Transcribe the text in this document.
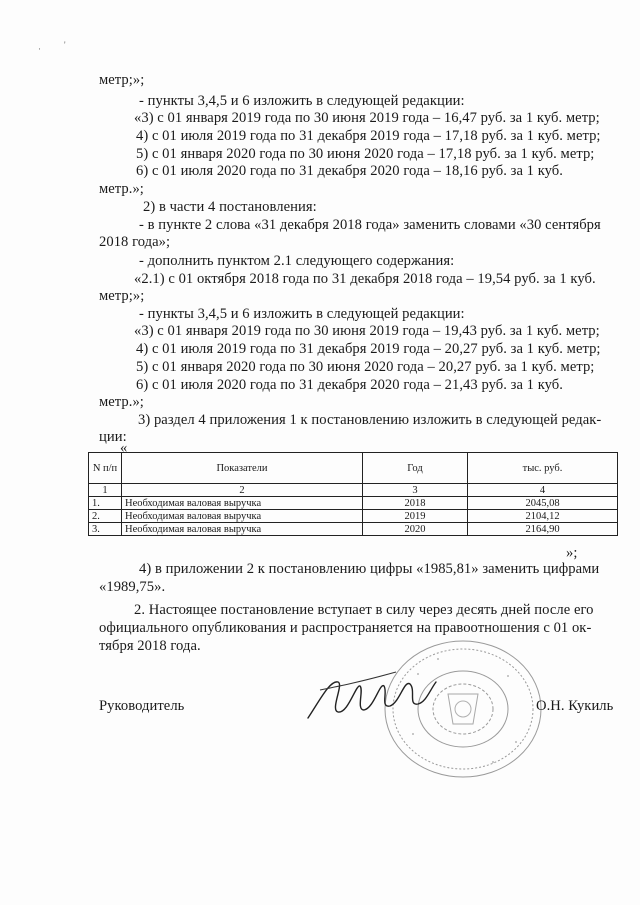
·	'
метр;»;
- пункты 3,4,5 и 6 изложить в следующей редакции:
«3) с 01 января 2019 года по 30 июня 2019 года – 16,47 руб. за 1 куб. метр;
4) с 01 июля 2019 года по 31 декабря 2019 года – 17,18 руб. за 1 куб. метр;
5) с 01 января 2020 года по 30 июня 2020 года – 17,18 руб. за 1 куб. метр;
6) с 01 июля 2020 года по 31 декабря 2020 года – 18,16 руб. за 1 куб.
метр.»;
2) в части 4 постановления:
- в пункте 2 слова «31 декабря 2018 года» заменить словами «30 сентября
2018 года»;
- дополнить пунктом 2.1 следующего содержания:
«2.1) с 01 октября 2018 года по 31 декабря 2018 года – 19,54 руб. за 1 куб.
метр;»;
- пункты 3,4,5 и 6 изложить в следующей редакции:
«3) с 01 января 2019 года по 30 июня 2019 года – 19,43 руб. за 1 куб. метр;
4) с 01 июля 2019 года по 31 декабря 2019 года – 20,27 руб. за 1 куб. метр;
5) с 01 января 2020 года по 30 июня 2020 года – 20,27 руб. за 1 куб. метр;
6) с 01 июля 2020 года по 31 декабря 2020 года – 21,43 руб. за 1 куб.
метр.»;
3) раздел 4 приложения 1 к постановлению изложить в следующей редак-
ции:
«
N п/п	Показатели	Год	тыс. руб.
1	2	3	4
1.	Необходимая валовая выручка	2018	2045,08
2.	Необходимая валовая выручка	2019	2104,12
3.	Необходимая валовая выручка	2020	2164,90
»;
4) в приложении 2 к постановлению цифры «1985,81» заменить цифрами
«1989,75».
2. Настоящее постановление вступает в силу через десять дней после его
официального опубликования и распространяется на правоотношения с 01 ок-
тября 2018 года.
Руководитель	О.Н. Кукиль
